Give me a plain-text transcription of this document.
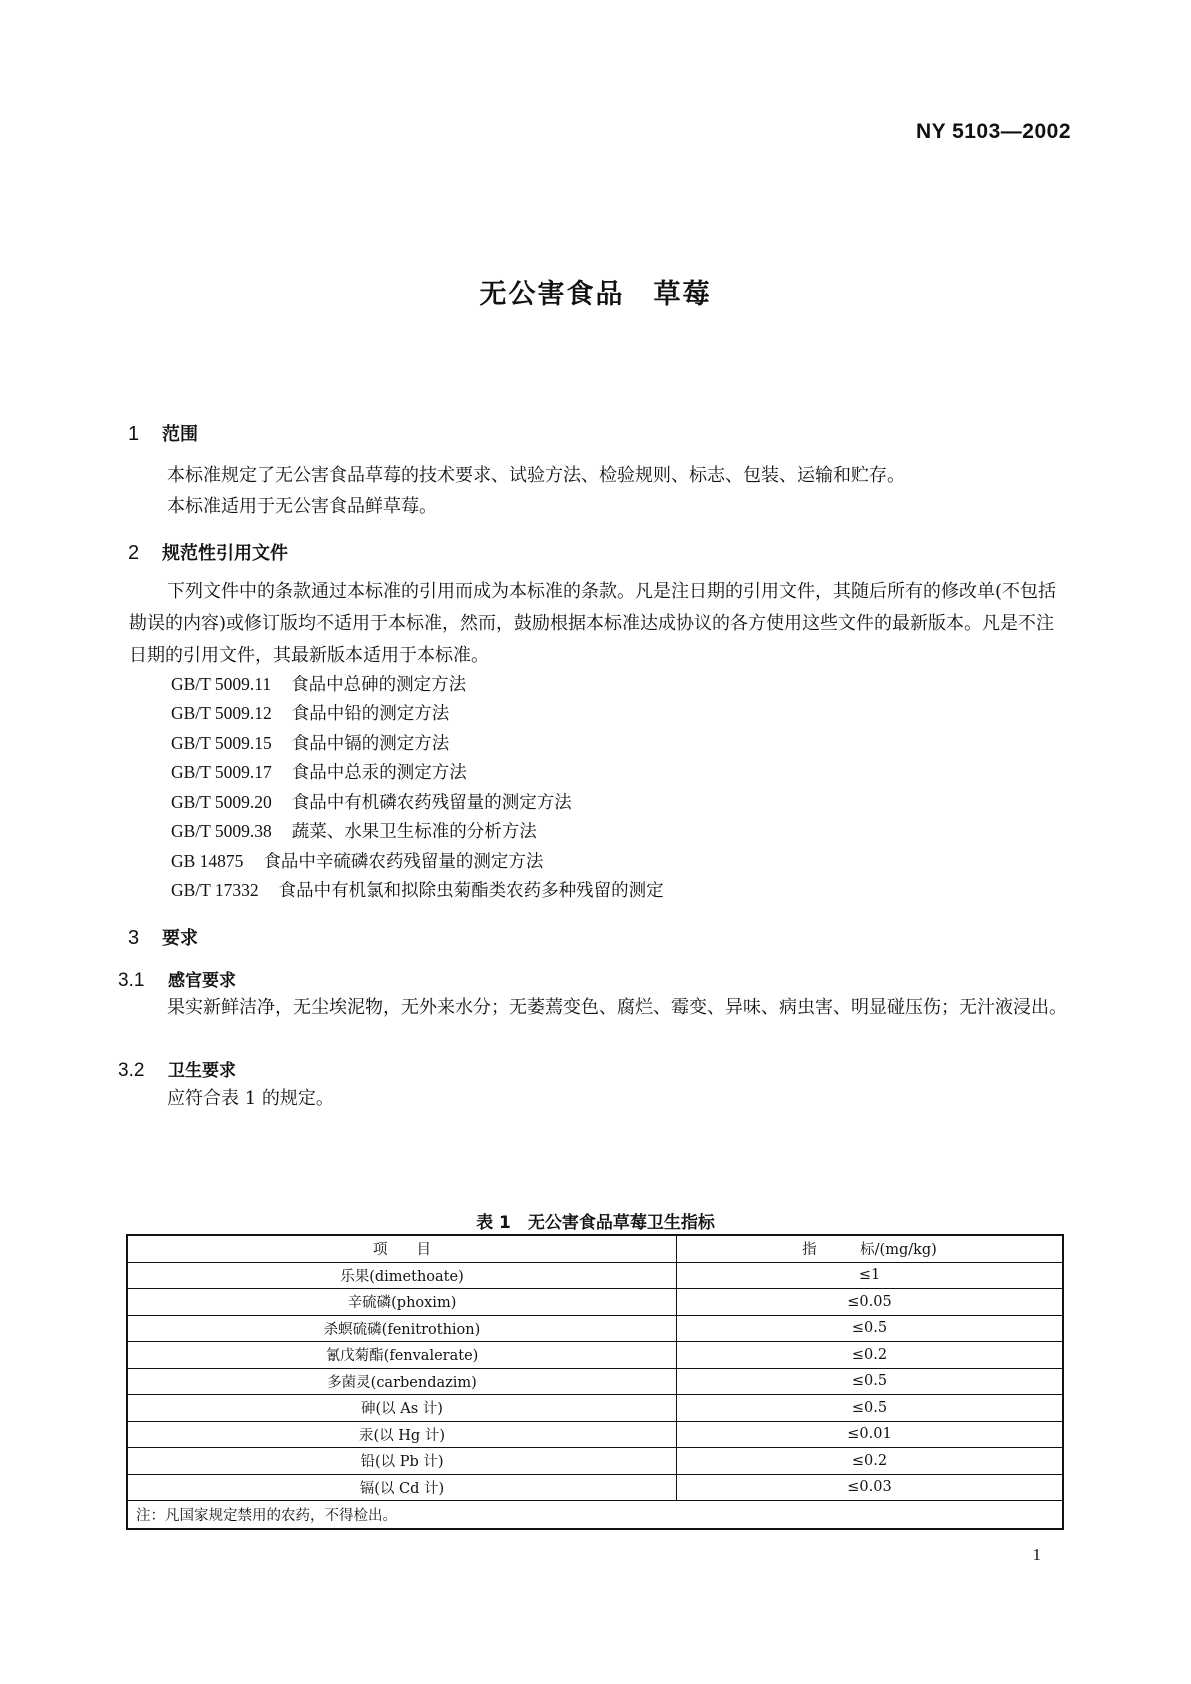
NY 5103—2002
无公害食品　草莓
1 范围
本标准规定了无公害食品草莓的技术要求、试验方法、检验规则、标志、包装、运输和贮存。
本标准适用于无公害食品鲜草莓。
2 规范性引用文件
下列文件中的条款通过本标准的引用而成为本标准的条款。凡是注日期的引用文件，其随后所有的修改单(不包括勘误的内容)或修订版均不适用于本标准，然而，鼓励根据本标准达成协议的各方使用这些文件的最新版本。凡是不注日期的引用文件，其最新版本适用于本标准。
GB/T 5009.11 食品中总砷的测定方法
GB/T 5009.12 食品中铅的测定方法
GB/T 5009.15 食品中镉的测定方法
GB/T 5009.17 食品中总汞的测定方法
GB/T 5009.20 食品中有机磷农药残留量的测定方法
GB/T 5009.38 蔬菜、水果卫生标准的分析方法
GB 14875 食品中辛硫磷农药残留量的测定方法
GB/T 17332 食品中有机氯和拟除虫菊酯类农药多种残留的测定
3 要求
3.1 感官要求
果实新鲜洁净，无尘埃泥物，无外来水分；无萎蔫变色、腐烂、霉变、异味、病虫害、明显碰压伤；无汁液浸出。
3.2 卫生要求
应符合表 1 的规定。
表 1　无公害食品草莓卫生指标
项　　目	指　　　标/(mg/kg)
乐果(dimethoate)	≤1
辛硫磷(phoxim)	≤0.05
杀螟硫磷(fenitrothion)	≤0.5
氰戊菊酯(fenvalerate)	≤0.2
多菌灵(carbendazim)	≤0.5
砷(以 As 计)	≤0.5
汞(以 Hg 计)	≤0.01
铅(以 Pb 计)	≤0.2
镉(以 Cd 计)	≤0.03
注：凡国家规定禁用的农药，不得检出。	
1
